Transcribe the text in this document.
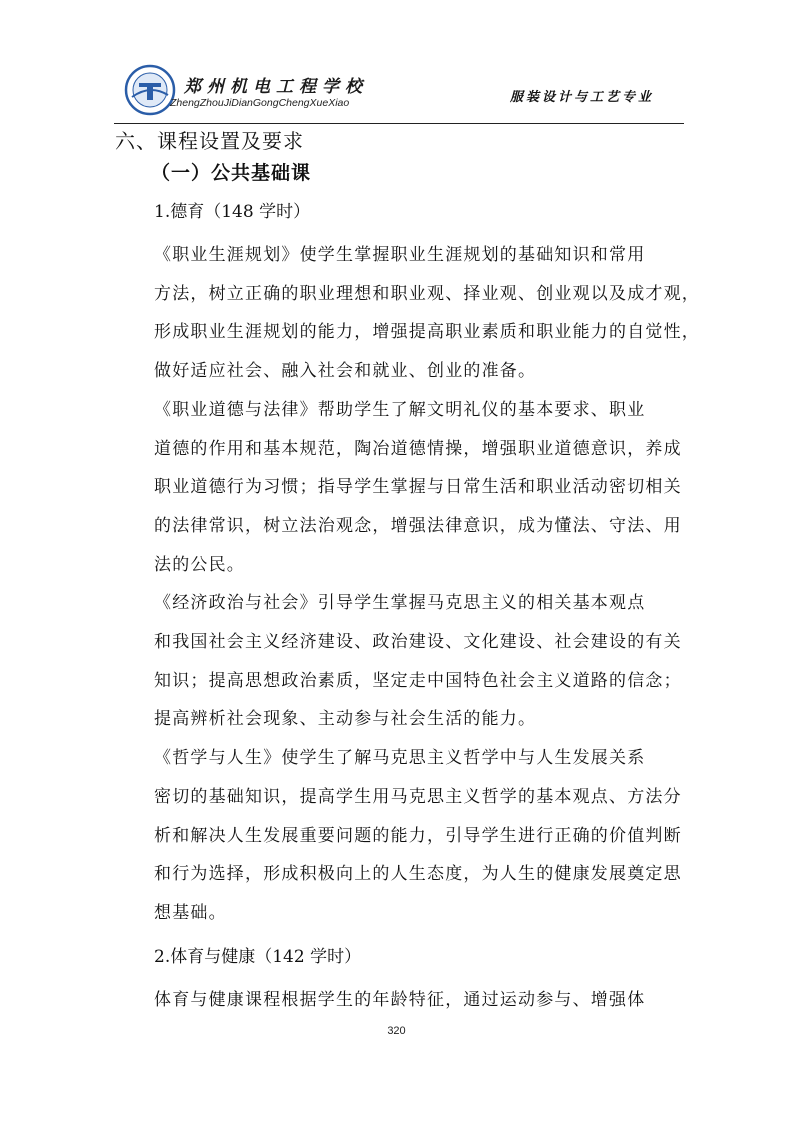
郑州机电工程学校
ZhengZhouJiDianGongChengXueXiao	服装设计与工艺专业
六、课程设置及要求
（一）公共基础课
1.德育（148 学时）

《职业生涯规划》使学生掌握职业生涯规划的基础知识和常用
方法，树立正确的职业理想和职业观、择业观、创业观以及成才观，
形成职业生涯规划的能力，增强提高职业素质和职业能力的自觉性，
做好适应社会、融入社会和就业、创业的准备。

《职业道德与法律》帮助学生了解文明礼仪的基本要求、职业
道德的作用和基本规范，陶冶道德情操，增强职业道德意识，养成
职业道德行为习惯；指导学生掌握与日常生活和职业活动密切相关
的法律常识，树立法治观念，增强法律意识，成为懂法、守法、用
法的公民。

《经济政治与社会》引导学生掌握马克思主义的相关基本观点
和我国社会主义经济建设、政治建设、文化建设、社会建设的有关
知识；提高思想政治素质，坚定走中国特色社会主义道路的信念；
提高辨析社会现象、主动参与社会生活的能力。

《哲学与人生》使学生了解马克思主义哲学中与人生发展关系
密切的基础知识，提高学生用马克思主义哲学的基本观点、方法分
析和解决人生发展重要问题的能力，引导学生进行正确的价值判断
和行为选择，形成积极向上的人生态度，为人生的健康发展奠定思
想基础。

2.体育与健康（142 学时）

体育与健康课程根据学生的年龄特征，通过运动参与、增强体

320
